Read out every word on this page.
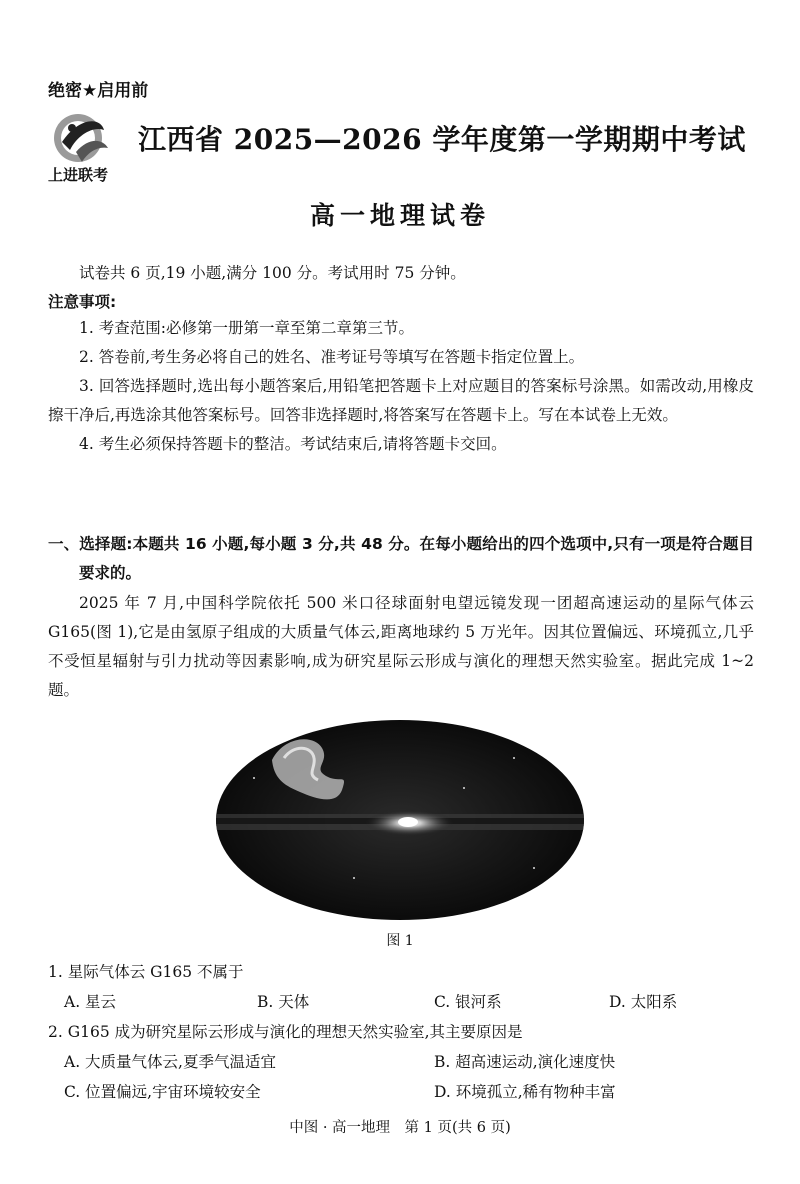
绝密★启用前
上进联考
江西省 2025—2026 学年度第一学期期中考试
高一地理试卷
试卷共 6 页,19 小题,满分 100 分。考试用时 75 分钟。
注意事项:

1. 考查范围:必修第一册第一章至第二章第三节。

2. 答卷前,考生务必将自己的姓名、准考证号等填写在答题卡指定位置上。

3. 回答选择题时,选出每小题答案后,用铅笔把答题卡上对应题目的答案标号涂黑。如需改动,用橡皮擦干净后,再选涂其他答案标号。回答非选择题时,将答案写在答题卡上。写在本试卷上无效。

4. 考生必须保持答题卡的整洁。考试结束后,请将答题卡交回。

一、选择题:本题共 16 小题,每小题 3 分,共 48 分。在每小题给出的四个选项中,只有一项是符合题目要求的。
2025 年 7 月,中国科学院依托 500 米口径球面射电望远镜发现一团超高速运动的星际气体云 G165(图 1),它是由氢原子组成的大质量气体云,距离地球约 5 万光年。因其位置偏远、环境孤立,几乎不受恒星辐射与引力扰动等因素影响,成为研究星际云形成与演化的理想天然实验室。据此完成 1~2 题。
图 1
1. 星际气体云 G165 不属于
A. 星云	B. 天体	C. 银河系	D. 太阳系
2. G165 成为研究星际云形成与演化的理想天然实验室,其主要原因是
A. 大质量气体云,夏季气温适宜	B. 超高速运动,演化速度快
C. 位置偏远,宇宙环境较安全	D. 环境孤立,稀有物种丰富
中图 · 高一地理　第 1 页(共 6 页)
